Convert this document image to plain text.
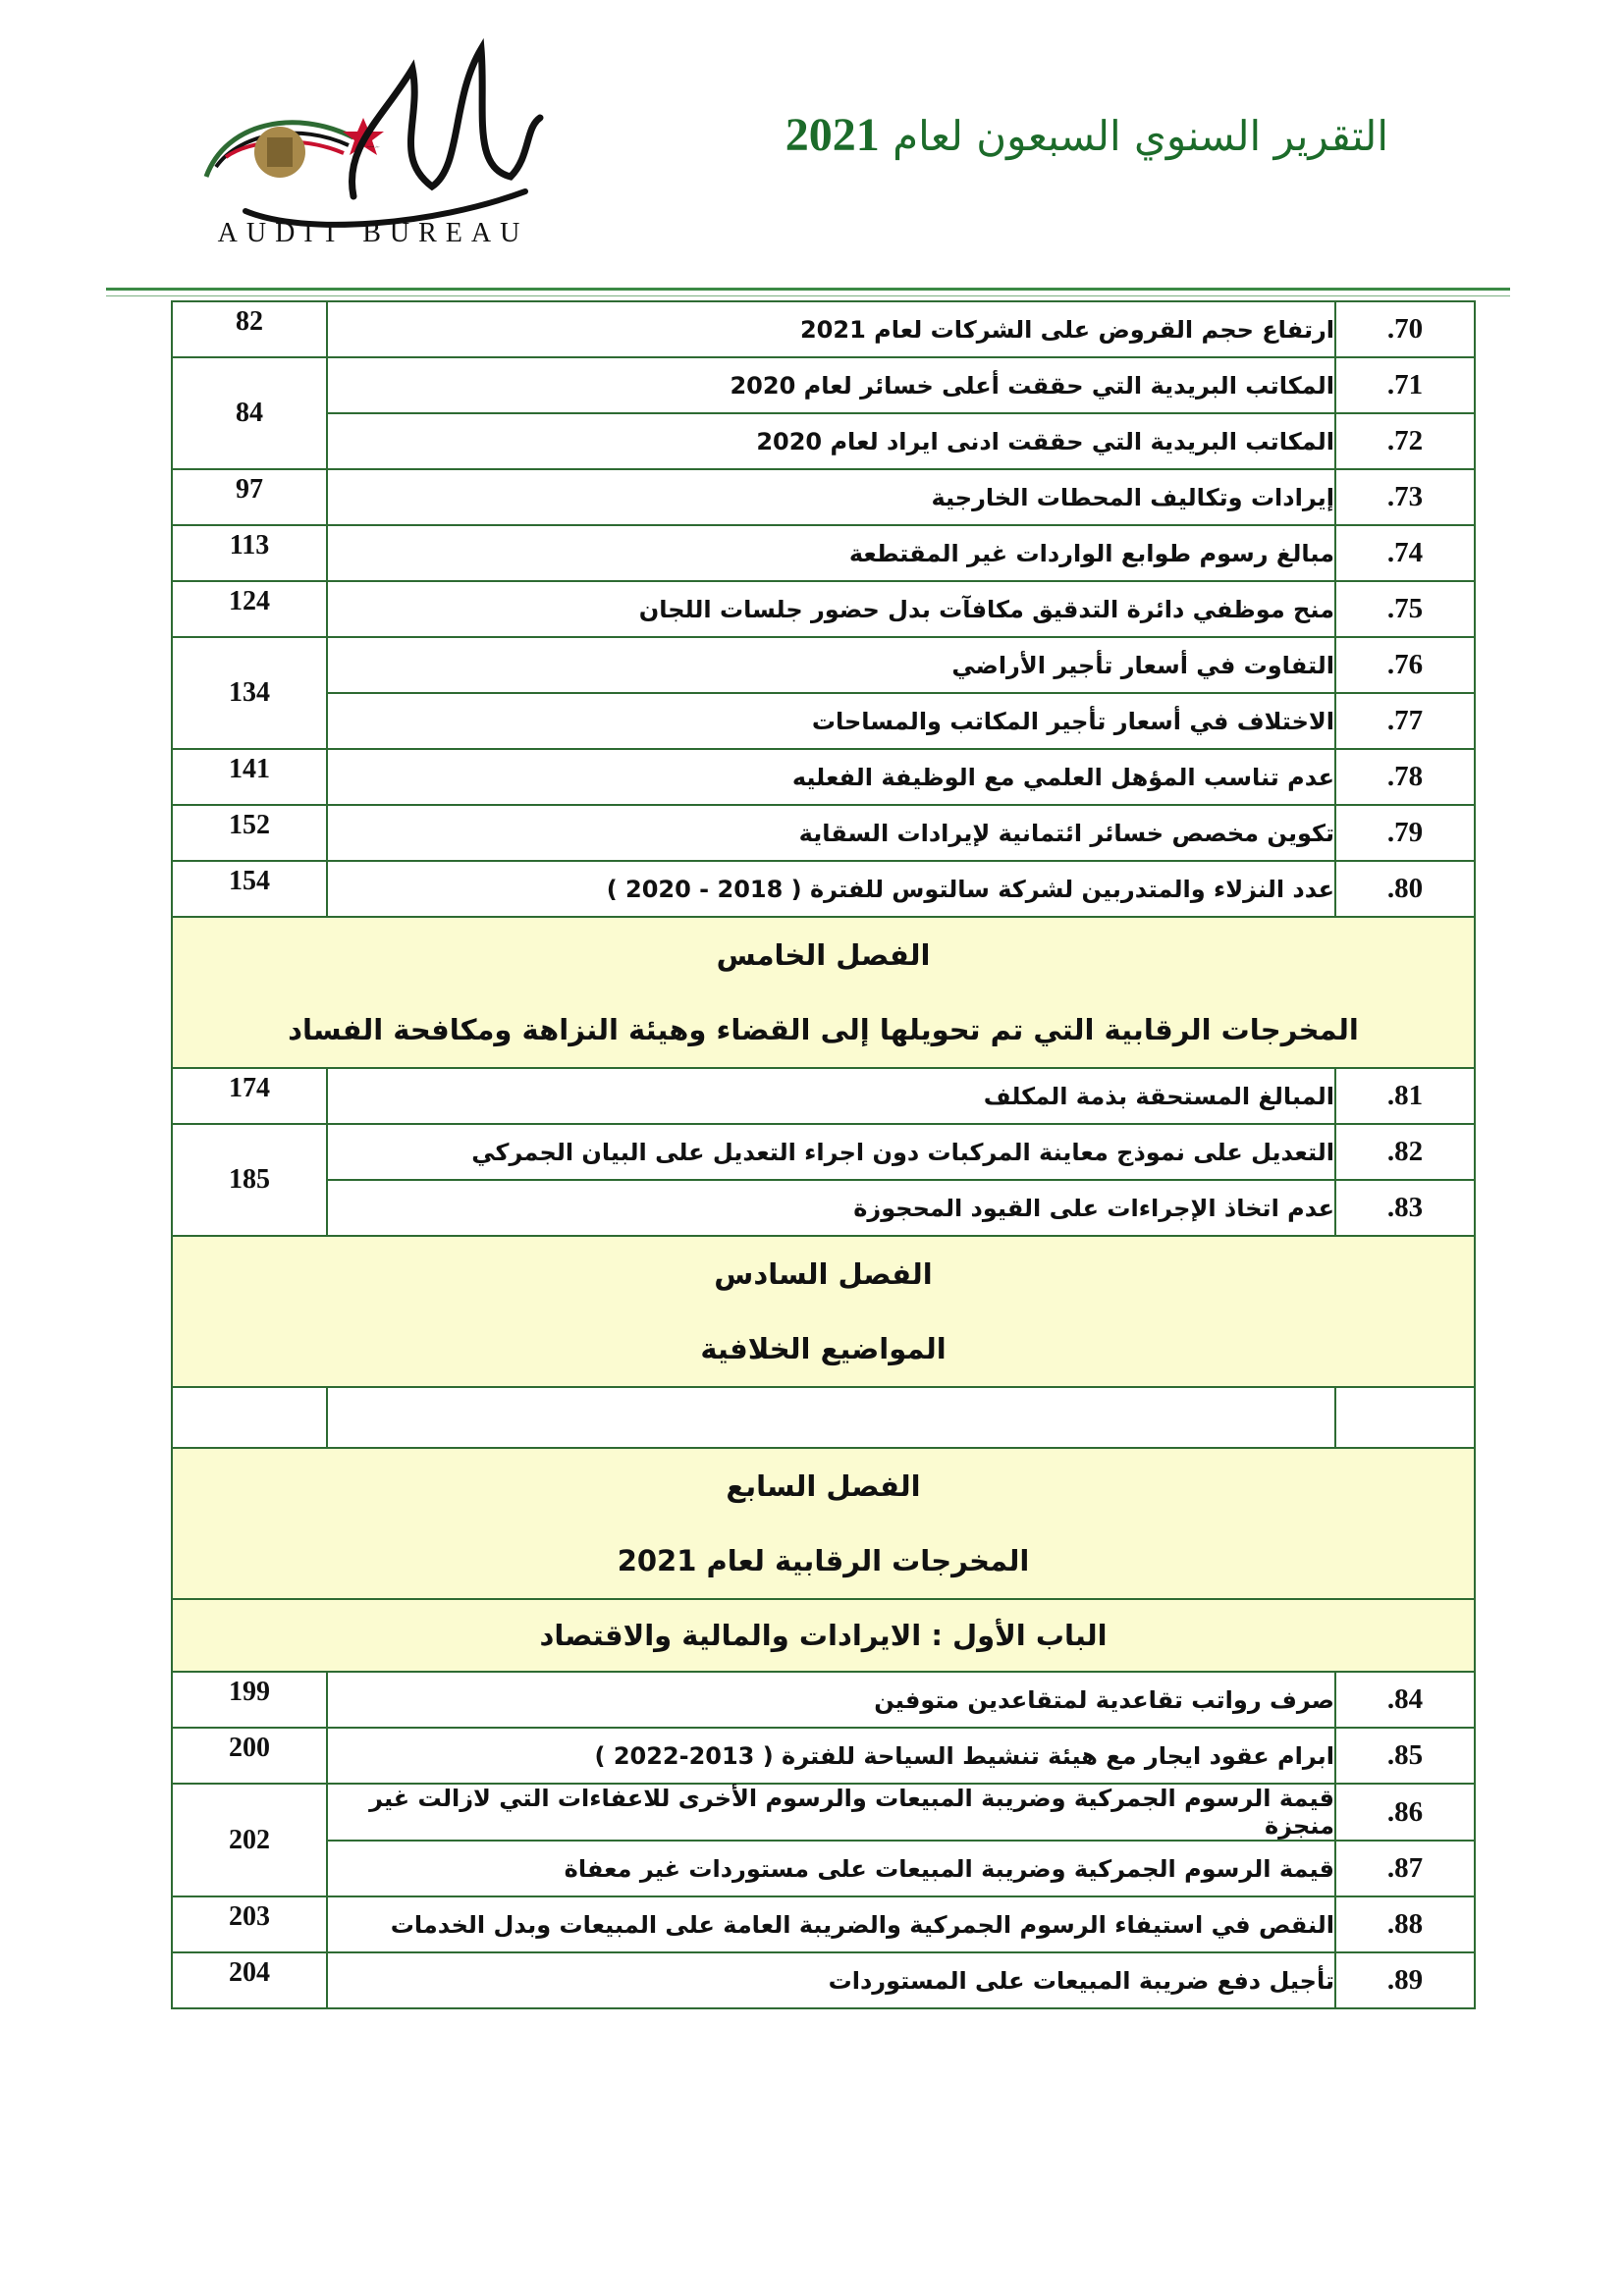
ديوان المحاسبة
AUDIT BUREAU
التقرير السنوي السبعون لعام 2021
82	ارتفاع حجم القروض على الشركات لعام 2021	.70
84	المكاتب البريدية التي حققت أعلى خسائر لعام 2020	.71
	المكاتب البريدية التي حققت ادنى ايراد لعام 2020	.72
97	إيرادات وتكاليف المحطات الخارجية	.73
113	مبالغ رسوم طوابع الواردات غير المقتطعة	.74
124	منح موظفي دائرة التدقيق مكافآت بدل حضور جلسات اللجان	.75
134	التفاوت في أسعار تأجير الأراضي	.76
	الاختلاف في أسعار تأجير المكاتب والمساحات	.77
141	عدم تناسب المؤهل العلمي مع الوظيفة الفعليه	.78
152	تكوين مخصص خسائر ائتمانية لإيرادات السقاية	.79
154	عدد النزلاء والمتدربين لشركة سالتوس للفترة ( 2018 - 2020 )	.80

الفصل الخامس
المخرجات الرقابية التي تم تحويلها إلى القضاء وهيئة النزاهة ومكافحة الفساد		

174	المبالغ المستحقة بذمة المكلف	.81
185	التعديل على نموذج معاينة المركبات دون اجراء التعديل على البيان الجمركي	.82
	عدم اتخاذ الإجراءات على القيود المحجوزة	.83

الفصل السادس
المواضيع الخلافية		

الفصل السابع
المخرجات الرقابية لعام 2021		

الباب الأول : الايرادات والمالية والاقتصاد		

199	صرف رواتب تقاعدية لمتقاعدين متوفين	.84
200	ابرام عقود ايجار مع هيئة تنشيط السياحة للفترة ( 2013-2022 )	.85
202	قيمة الرسوم الجمركية وضريبة المبيعات والرسوم الأخرى للاعفاءات التي لازالت غير منجزة	.86
	قيمة الرسوم الجمركية وضريبة المبيعات على مستوردات غير معفاة	.87
203	النقص في استيفاء الرسوم الجمركية والضريبة العامة على المبيعات وبدل الخدمات	.88
204	تأجيل دفع ضريبة المبيعات على المستوردات	.89
